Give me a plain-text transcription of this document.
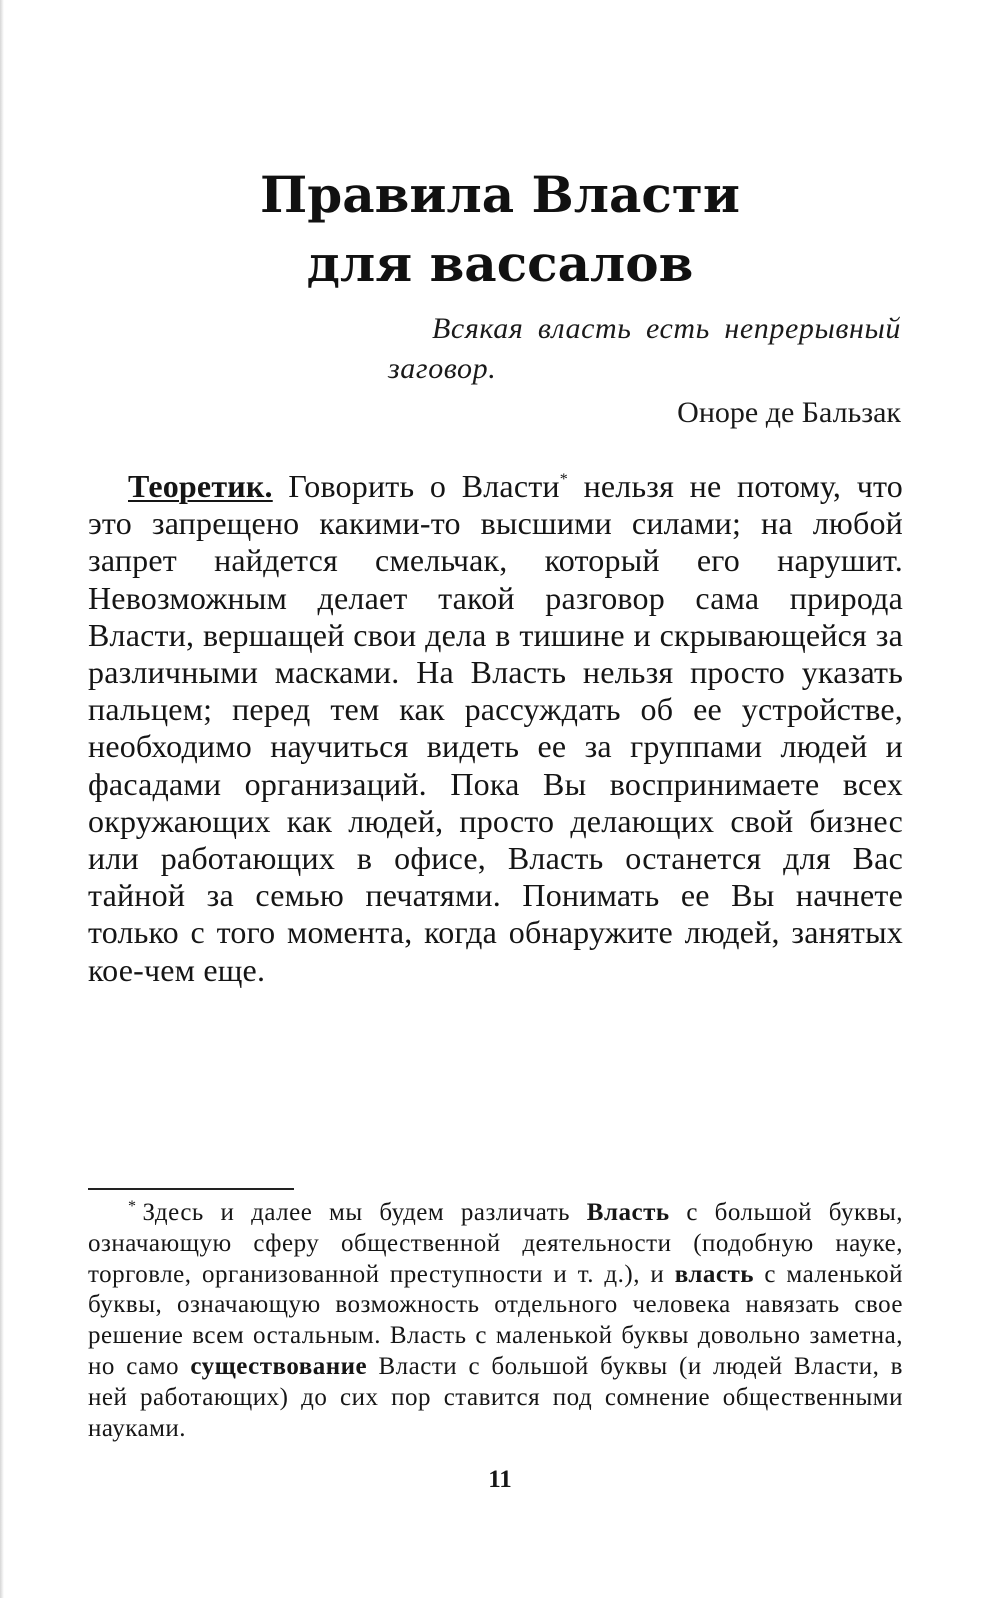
Правила Власти
для вассалов
Всякая власть есть непрерывный заговор.
Оноре де Бальзак

Теоретик. Говорить о Власти* нельзя не потому, что это запрещено какими-то высшими силами; на любой запрет найдется смельчак, который его нарушит. Невозможным делает такой разговор сама природа Власти, вершащей свои дела в тишине и скрывающейся за различными масками. На Власть нельзя просто указать пальцем; перед тем как рассуждать об ее устройстве, необходимо научиться видеть ее за группами людей и фасадами организаций. Пока Вы воспринимаете всех окружающих как людей, просто делающих свой бизнес или работающих в офисе, Власть останется для Вас тайной за семью печатями. Понимать ее Вы начнете только с того момента, когда обнаружите людей, занятых кое-чем еще.

* Здесь и далее мы будем различать Власть с большой буквы, означающую сферу общественной деятельности (подобную науке, торговле, организованной преступности и т. д.), и власть с маленькой буквы, означающую возможность отдельного человека навязать свое решение всем остальным. Власть с маленькой буквы довольно заметна, но само существование Власти с большой буквы (и людей Власти, в ней работающих) до сих пор ставится под сомнение общественными науками.

11
